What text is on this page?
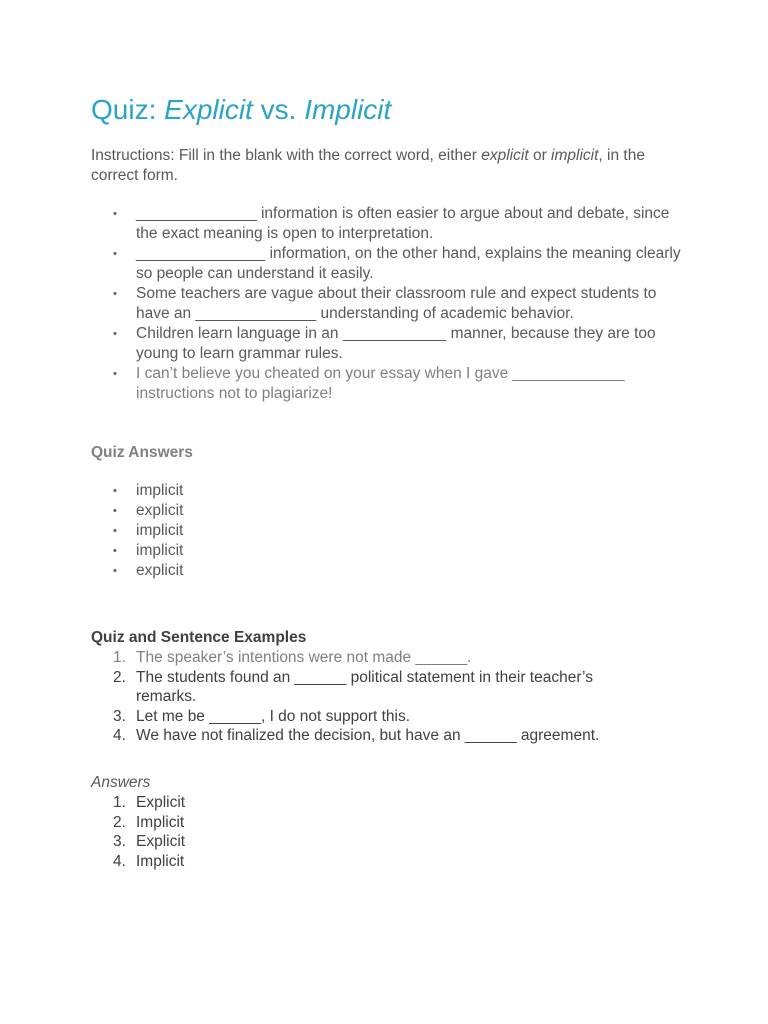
Quiz: Explicit vs. Implicit

Instructions: Fill in the blank with the correct word, either explicit or implicit, in the correct form.

• ______________ information is often easier to argue about and debate, since the exact meaning is open to interpretation.
• _______________ information, on the other hand, explains the meaning clearly so people can understand it easily.
• Some teachers are vague about their classroom rule and expect students to have an ______________ understanding of academic behavior.
• Children learn language in an ____________ manner, because they are too young to learn grammar rules.
• I can’t believe you cheated on your essay when I gave _____________ instructions not to plagiarize!
Quiz Answers
• implicit
• explicit
• implicit
• implicit
• explicit
Quiz and Sentence Examples
1. The speaker’s intentions were not made ______.
2. The students found an ______ political statement in their teacher’s remarks.
3. Let me be ______, I do not support this.
4. We have not finalized the decision, but have an ______ agreement.
Answers
1. Explicit
2. Implicit
3. Explicit
4. Implicit
